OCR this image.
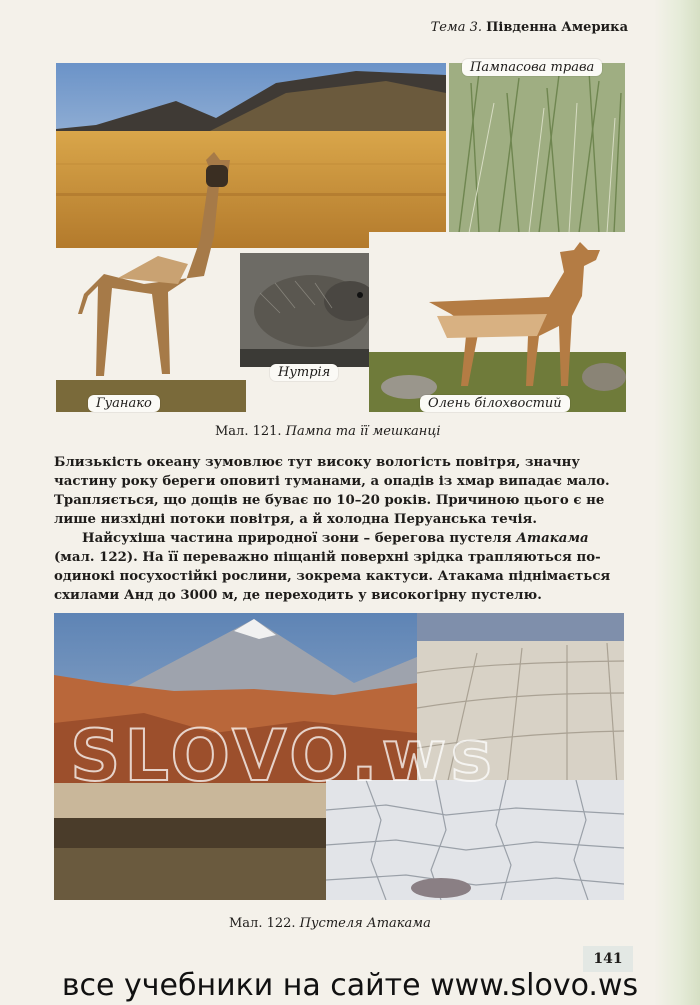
Тема 3. Південна Америка
Пампасова трава
Гуанако
Нутрія
Олень білохвостий
Мал. 121. Пампа та її мешканці
Близькість океану зумовлює тут високу вологість повітря, значну
частину року береги оповиті туманами, а опадів із хмар випадає мало.
Трапляється, що дощів не буває по 10–20 років. Причиною цього є не
лише низхідні потоки повітря, а й холодна Перуанська течія.
Найсухіша частина природної зони – берегова пустеля Атакама
(мал. 122). На її переважно піщаній поверхні зрідка трапляються по-
одинокі посухостійкі рослини, зокрема кактуси. Атакама піднімається
схилами Анд до 3000 м, де переходить у високогірну пустелю.
SLOVO.ws
Мал. 122. Пустеля Атакама
141
все учебники на сайте www.slovo.ws
